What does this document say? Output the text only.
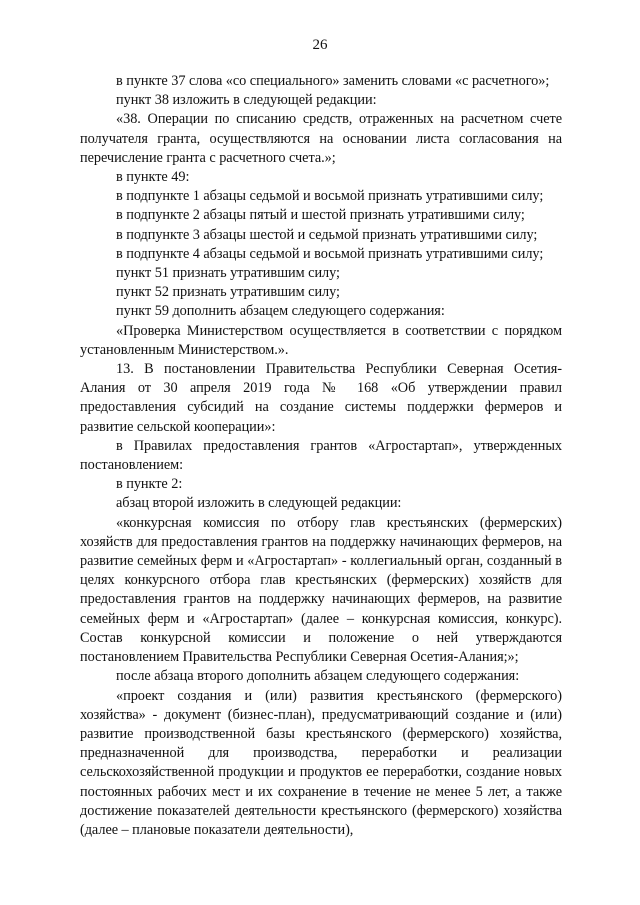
26

в пункте 37 слова «со специального» заменить словами «с расчетного»;

пункт 38 изложить в следующей редакции:

«38. Операции по списанию средств, отраженных на расчетном счете получателя гранта, осуществляются на основании листа согласования на перечисление гранта с расчетного счета.»;

в пункте 49:

в подпункте 1 абзацы седьмой и восьмой признать утратившими силу;

в подпункте 2 абзацы пятый и шестой признать утратившими силу;

в подпункте 3 абзацы шестой и седьмой признать утратившими силу;

в подпункте 4 абзацы седьмой и восьмой признать утратившими силу;

пункт 51 признать утратившим силу;

пункт 52 признать утратившим силу;

пункт 59 дополнить абзацем следующего содержания:

«Проверка Министерством осуществляется в соответствии с порядком установленным Министерством.».

13. В постановлении Правительства Республики Северная Осетия-Алания от 30 апреля 2019 года № 168 «Об утверждении правил предоставления субсидий на создание системы поддержки фермеров и развитие сельской кооперации»:

в Правилах предоставления грантов «Агростартап», утвержденных постановлением:

в пункте 2:

абзац второй изложить в следующей редакции:

«конкурсная комиссия по отбору глав крестьянских (фермерских) хозяйств для предоставления грантов на поддержку начинающих фермеров, на развитие семейных ферм и «Агростартап» - коллегиальный орган, созданный в целях конкурсного отбора глав крестьянских (фермерских) хозяйств для предоставления грантов на поддержку начинающих фермеров, на развитие семейных ферм и «Агростартап» (далее – конкурсная комиссия, конкурс). Состав конкурсной комиссии и положение о ней утверждаются постановлением Правительства Республики Северная Осетия-Алания;»;

после абзаца второго дополнить абзацем следующего содержания:

«проект создания и (или) развития крестьянского (фермерского) хозяйства» - документ (бизнес-план), предусматривающий создание и (или) развитие производственной базы крестьянского (фермерского) хозяйства, предназначенной для производства, переработки и реализации сельскохозяйственной продукции и продуктов ее переработки, создание новых постоянных рабочих мест и их сохранение в течение не менее 5 лет, а также достижение показателей деятельности крестьянского (фермерского) хозяйства (далее – плановые показатели деятельности),
